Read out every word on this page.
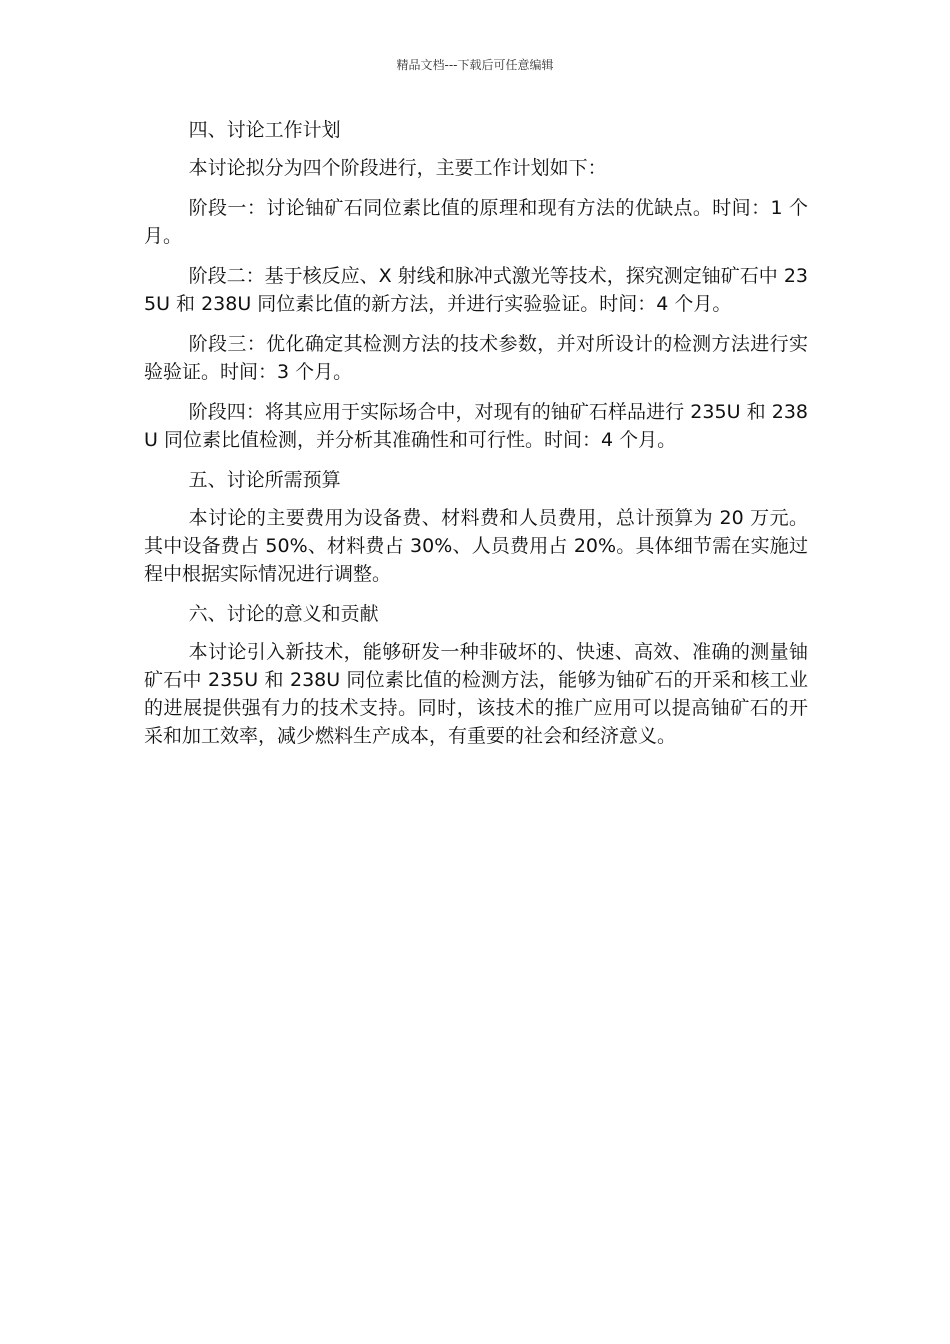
精品文档---下载后可任意编辑

四、讨论工作计划

本讨论拟分为四个阶段进行，主要工作计划如下：

阶段一：讨论铀矿石同位素比值的原理和现有方法的优缺点。时间：1 个月。

阶段二：基于核反应、X 射线和脉冲式激光等技术，探究测定铀矿石中 235U 和 238U 同位素比值的新方法，并进行实验验证。时间：4 个月。

阶段三：优化确定其检测方法的技术参数，并对所设计的检测方法进行实验验证。时间：3 个月。

阶段四：将其应用于实际场合中，对现有的铀矿石样品进行 235U 和 238U 同位素比值检测，并分析其准确性和可行性。时间：4 个月。

五、讨论所需预算

本讨论的主要费用为设备费、材料费和人员费用，总计预算为 20 万元。其中设备费占 50%、材料费占 30%、人员费用占 20%。具体细节需在实施过程中根据实际情况进行调整。

六、讨论的意义和贡献

本讨论引入新技术，能够研发一种非破坏的、快速、高效、准确的测量铀矿石中 235U 和 238U 同位素比值的检测方法，能够为铀矿石的开采和核工业的进展提供强有力的技术支持。同时，该技术的推广应用可以提高铀矿石的开采和加工效率，减少燃料生产成本，有重要的社会和经济意义。
